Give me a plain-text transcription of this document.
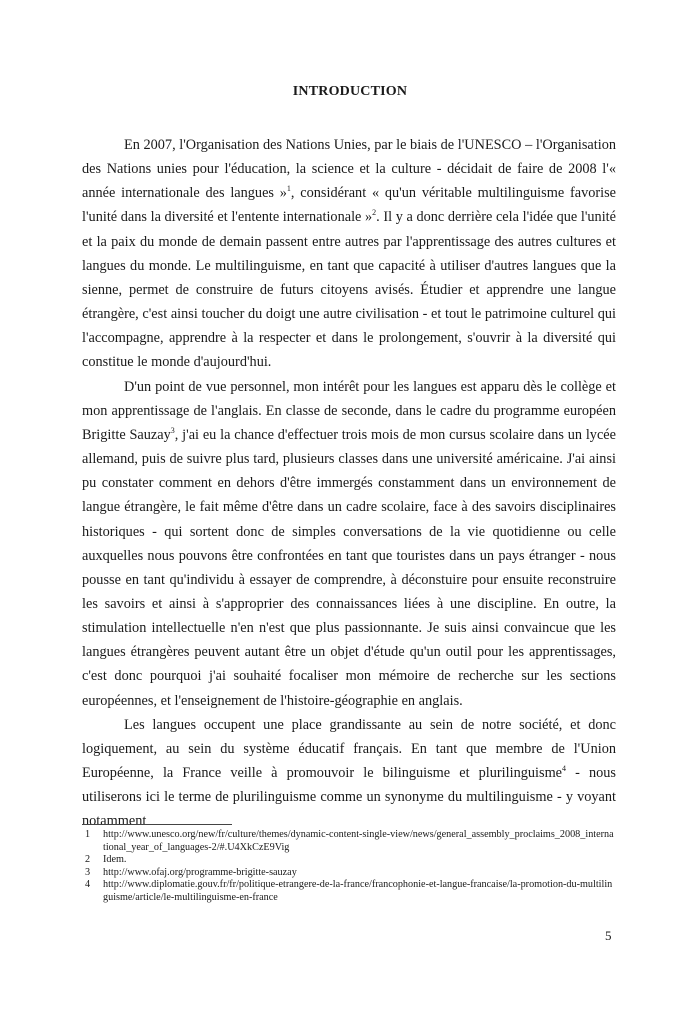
INTRODUCTION

En 2007, l'Organisation des Nations Unies, par le biais de l'UNESCO – l'Organisation des Nations unies pour l'éducation, la science et la culture - décidait de faire de 2008 l'« année internationale des langues »$^1$, considérant « qu'un véritable multilinguisme favorise l'unité dans la diversité et l'entente internationale »$^2$. Il y a donc derrière cela l'idée que l'unité et la paix du monde de demain passent entre autres par l'apprentissage des autres cultures et langues du monde. Le multilinguisme, en tant que capacité à utiliser d'autres langues que la sienne, permet de construire de futurs citoyens avisés. Étudier et apprendre une langue étrangère, c'est ainsi toucher du doigt une autre civilisation - et tout le patrimoine culturel qui l'accompagne, apprendre à la respecter et dans le prolongement, s'ouvrir à la diversité qui constitue le monde d'aujourd'hui.

D'un point de vue personnel, mon intérêt pour les langues est apparu dès le collège et mon apprentissage de l'anglais. En classe de seconde, dans le cadre du programme européen Brigitte Sauzay$^3$, j'ai eu la chance d'effectuer trois mois de mon cursus scolaire dans un lycée allemand, puis de suivre plus tard, plusieurs classes dans une université américaine. J'ai ainsi pu constater comment en dehors d'être immergés constamment dans un environnement de langue étrangère, le fait même d'être dans un cadre scolaire, face à des savoirs disciplinaires historiques - qui sortent donc de simples conversations de la vie quotidienne ou celle auxquelles nous pouvons être confrontées en tant que touristes dans un pays étranger - nous pousse en tant qu'individu à essayer de comprendre, à déconstuire pour ensuite reconstruire les savoirs et ainsi à s'approprier des connaissances liées à une discipline. En outre, la stimulation intellectuelle n'en n'est que plus passionnante. Je suis ainsi convaincue que les langues étrangères peuvent autant être un objet d'étude qu'un outil pour les apprentissages, c'est donc pourquoi j'ai souhaité focaliser mon mémoire de recherche sur les sections européennes, et l'enseignement de l'histoire-géographie en anglais.

Les langues occupent une place grandissante au sein de notre société, et donc logiquement, au sein du système éducatif français. En tant que membre de l'Union Européenne, la France veille à promouvoir le bilinguisme et plurilinguisme$^4$ - nous utiliserons ici le terme de plurilinguisme comme un synonyme du multilinguisme - y voyant notamment

1 http://www.unesco.org/new/fr/culture/themes/dynamic-content-single-view/news/general_assembly_proclaims_2008_international_year_of_languages-2/#.U4XkCzE9Vig
2 Idem.
3 http://www.ofaj.org/programme-brigitte-sauzay
4 http://www.diplomatie.gouv.fr/fr/politique-etrangere-de-la-france/francophonie-et-langue-francaise/la-promotion-du-multilinguisme/article/le-multilinguisme-en-france
5
